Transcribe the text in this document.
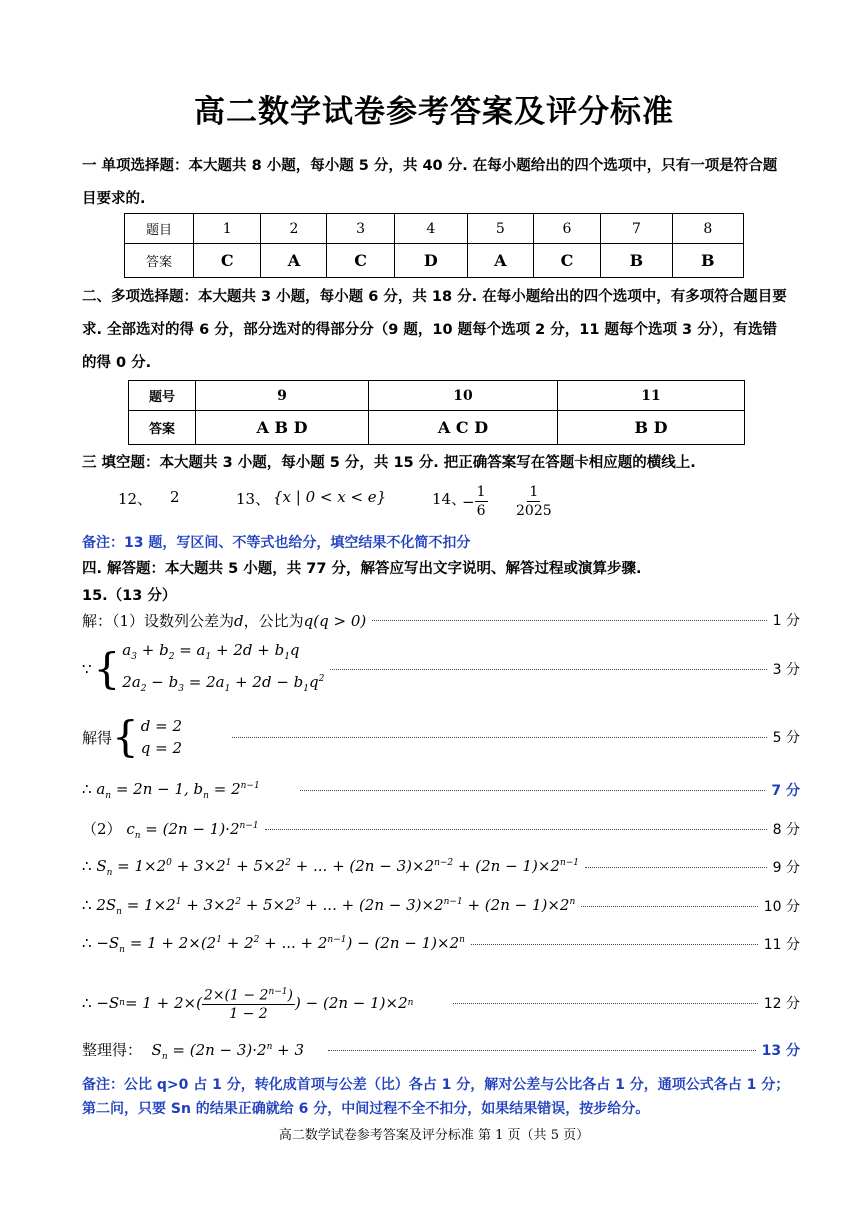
高二数学试卷参考答案及评分标准
一 单项选择题：本大题共 8 小题，每小题 5 分，共 40 分. 在每小题给出的四个选项中，只有一项是符合题目要求的.
题目	1	2	3	4	5	6	7	8
答案	C	A	C	D	A	C	B	B
二、多项选择题：本大题共 3 小题，每小题 6 分，共 18 分. 在每小题给出的四个选项中，有多项符合题目要求. 全部选对的得 6 分，部分选对的得部分分（9 题，10 题每个选项 2 分，11 题每个选项 3 分），有选错的得 0 分.
题号	9	10	11
答案	A B D	A C D	B D
三 填空题：本大题共 3 小题，每小题 5 分，共 15 分. 把正确答案写在答题卡相应题的横线上.
12、 2	13、 {x | 0 < x < e}	14、
− $\frac{1}{6} \frac{1}{2025}$
备注：13 题，写区间、不等式也给分，填空结果不化简不扣分
四. 解答题：本大题共 5 小题，共 77 分，解答应写出文字说明、解答过程或演算步骤.
15.（13 分）
解：（1）设数列公差为d，公比为q(q > 0)	1 分
∵ { $a_3 + b_2 = a_1 + 2d + b_1q$
$2a_2 - b_3 = 2a_1 + 2d - b_1q^2$
3 分
解得 { d = 2
q = 2
5 分
∴ $a_n = 2n - 1$, $b_n = 2^{n-1}$	7 分
（2） $c_n = (2n - 1)\cdot 2^{n-1}$	8 分
∴ $S_n = 1\times 2^0 + 3\times 2^1 + 5\times 2^2$ + ... + $(2n - 3)\times 2^{n-2} + (2n - 1)\times 2^{n-1}$	9 分
∴ $2S_n = 1\times 2^1 + 3\times 2^2 + 5\times 2^3$ + ... + $(2n - 3)\times 2^{n-1} + (2n - 1)\times 2^n$	10 分
∴ $-S_n = 1 + 2\times(2^1 + 2^2$ + ... + $2^{n-1}) - (2n - 1)\times 2^n$	11 分
∴ −S $n = 1 + 2\times( \frac{2\times(1 - 2^{n-1})}{1 - 2}$ ) − (2n − 1)×2 n	12 分
整理得：  $S_n = (2n - 3)\cdot 2^n + 3$	13 分
备注：公比 q>0 占 1 分，转化成首项与公差（比）各占 1 分，解对公差与公比各占 1 分，通项公式各占 1 分；第二问，只要 Sn 的结果正确就给 6 分，中间过程不全不扣分，如果结果错误，按步给分。
高二数学试卷参考答案及评分标准 第 1 页（共 5 页）
